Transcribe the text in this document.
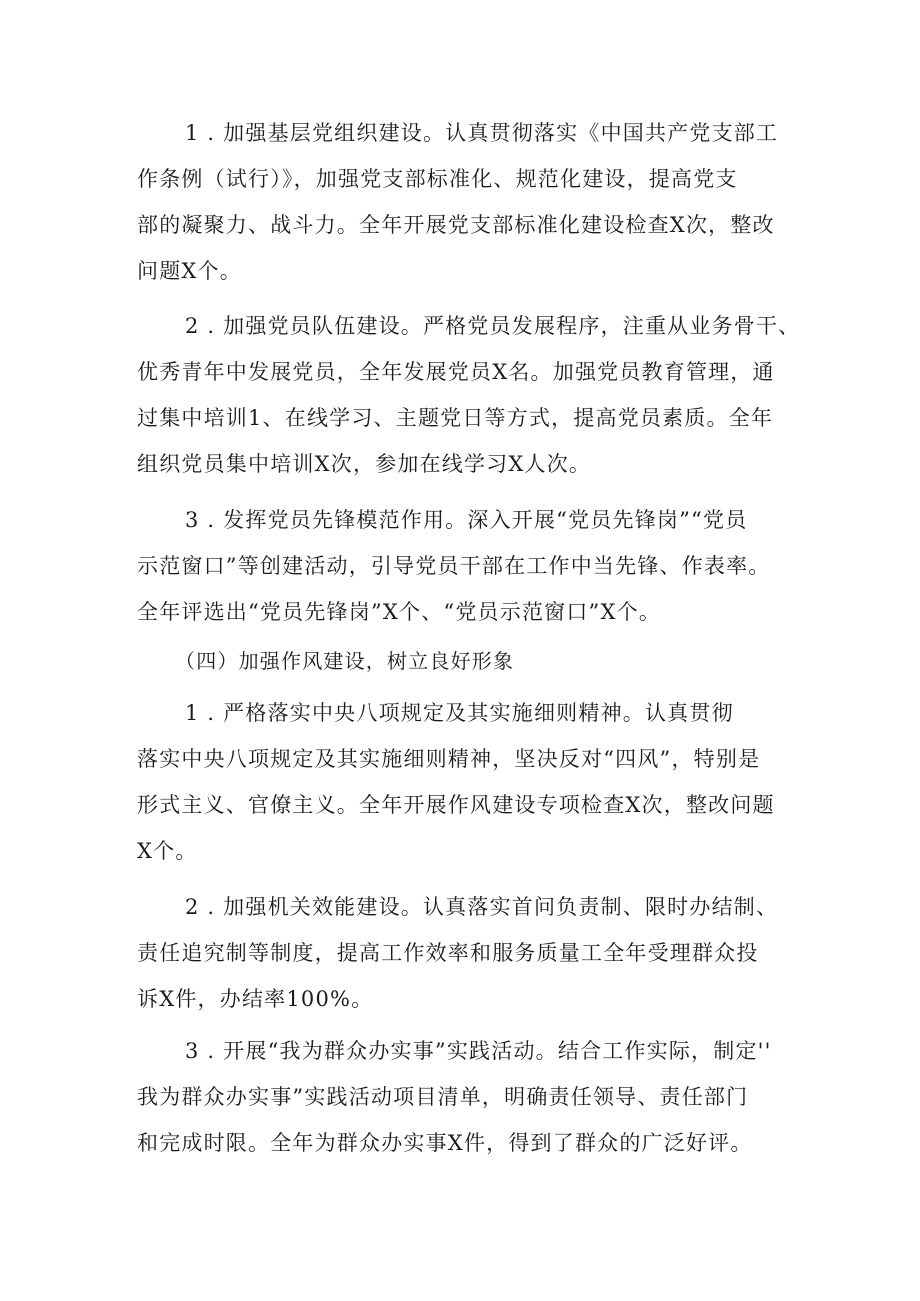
1 . 加强基层党组织建设。认真贯彻落实《中国共产党支部工
作条例（试行）》，加强党支部标准化、规范化建设，提高党支
部的凝聚力、战斗力。全年开展党支部标准化建设检查X次，整改
问题X个。
2 . 加强党员队伍建设。严格党员发展程序，注重从业务骨干、
优秀青年中发展党员，全年发展党员X名。加强党员教育管理，通
过集中培训1、在线学习、主题党日等方式，提高党员素质。全年
组织党员集中培训X次，参加在线学习X人次。
3 . 发挥党员先锋模范作用。深入开展“党员先锋岗”“党员
示范窗口”等创建活动，引导党员干部在工作中当先锋、作表率。
全年评选出“党员先锋岗”X个、“党员示范窗口”X个。
（四）加强作风建设，树立良好形象
1 . 严格落实中央八项规定及其实施细则精神。认真贯彻
落实中央八项规定及其实施细则精神，坚决反对“四风”，特别是
形式主义、官僚主义。全年开展作风建设专项检查X次，整改问题
X个。
2 . 加强机关效能建设。认真落实首问负责制、限时办结制、
责任追究制等制度，提高工作效率和服务质量工全年受理群众投
诉X件，办结率100%。
3 . 开展“我为群众办实事”实践活动。结合工作实际，制定''
我为群众办实事”实践活动项目清单，明确责任领导、责任部门
和完成时限。全年为群众办实事X件，得到了群众的广泛好评。
